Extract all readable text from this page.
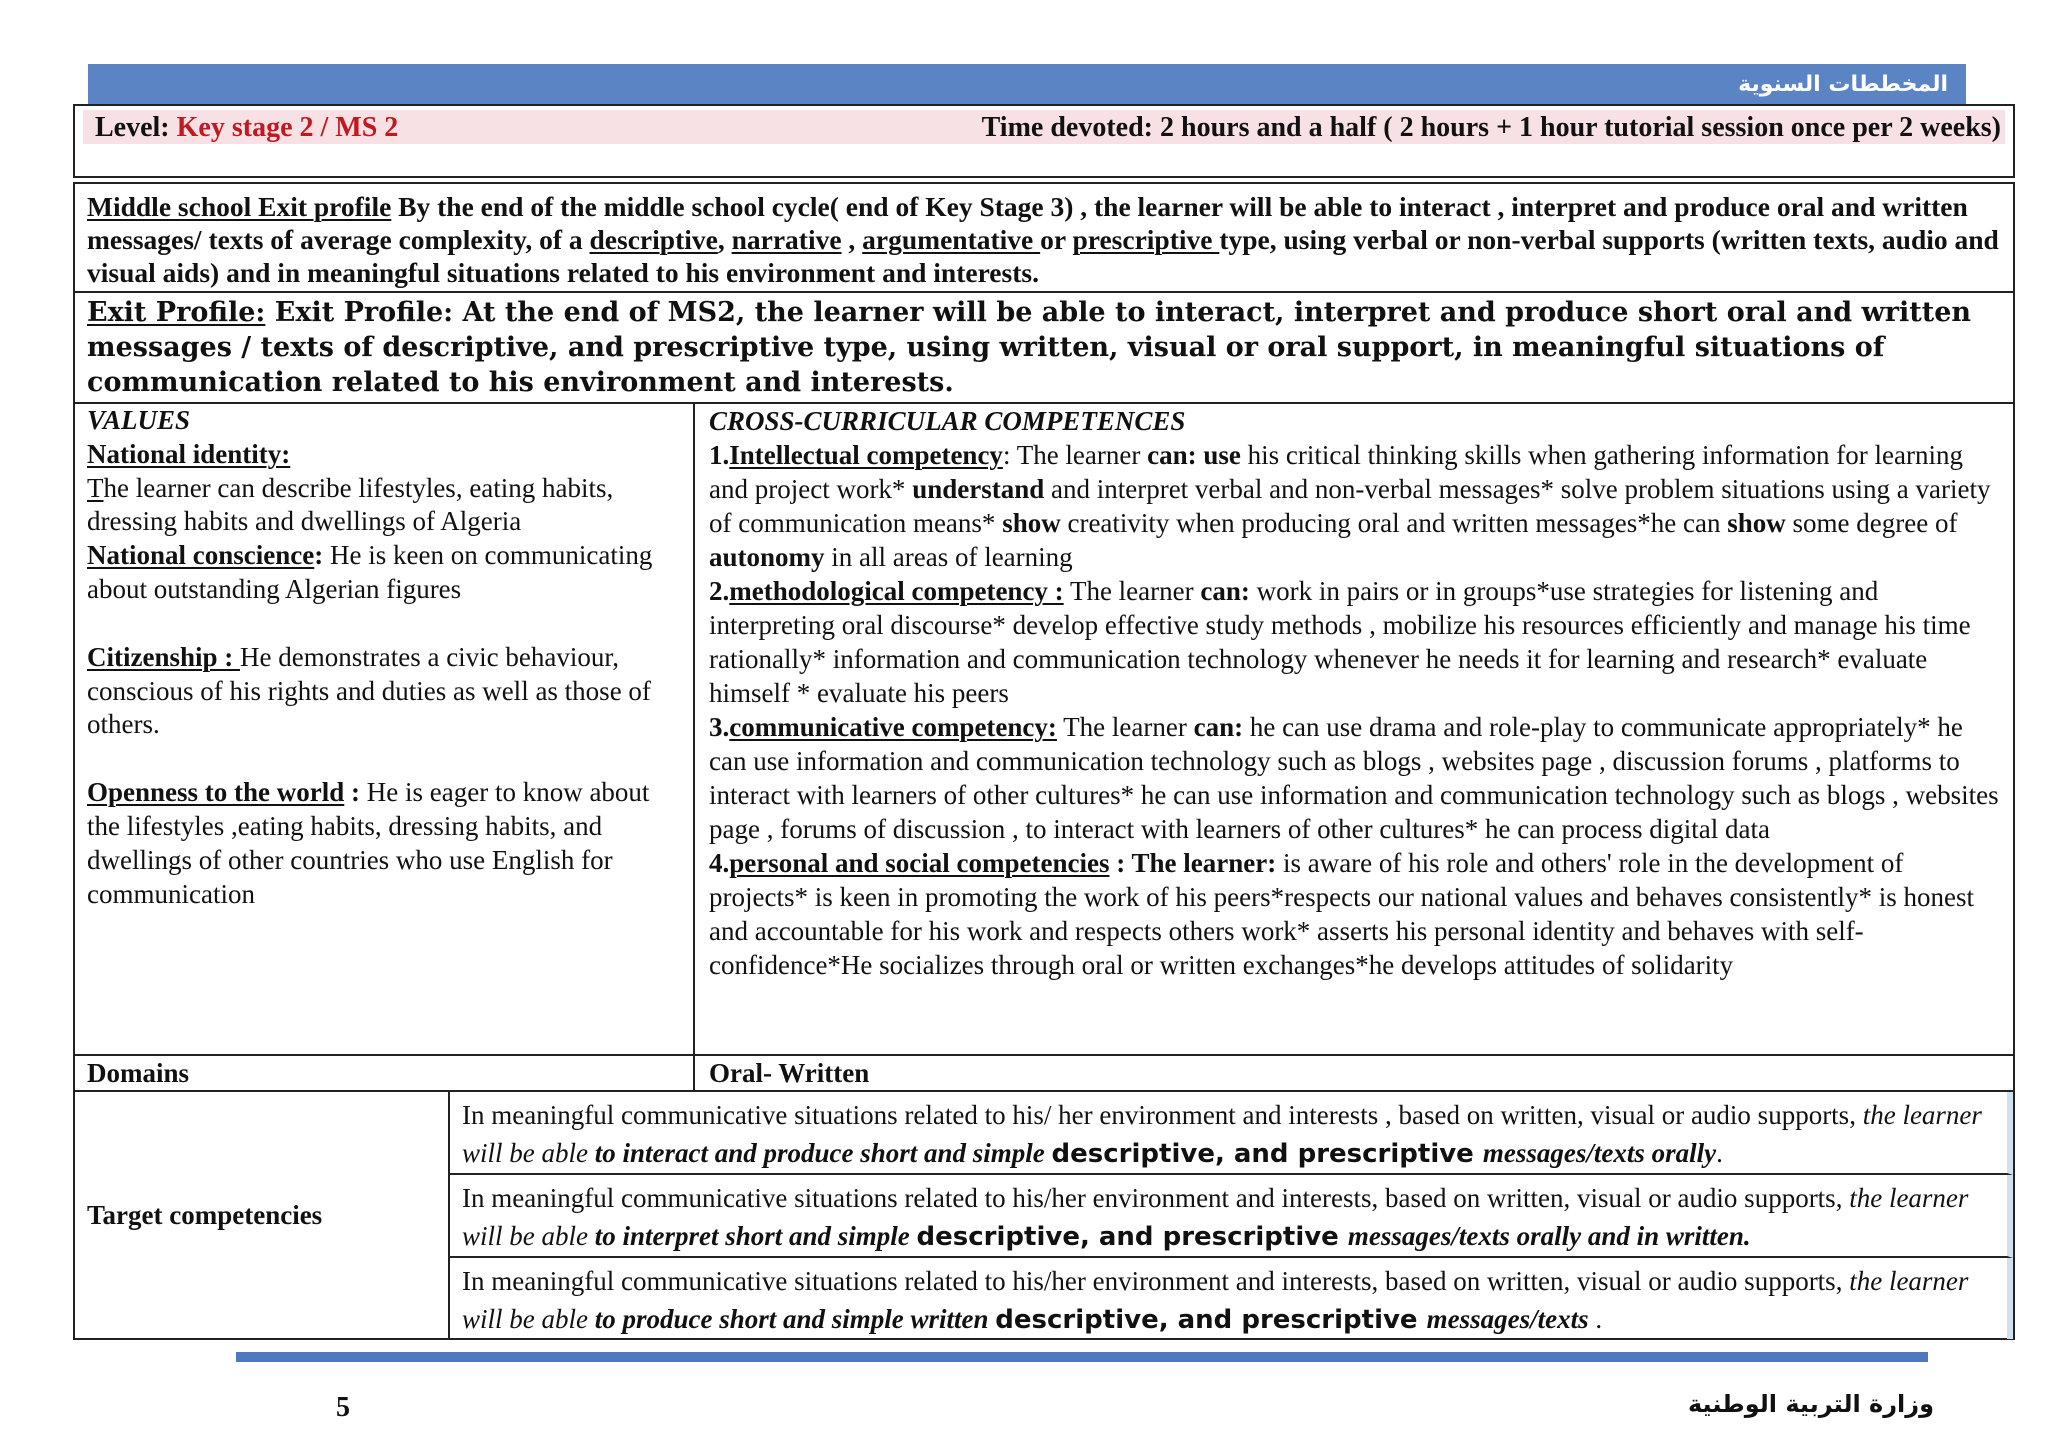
المخططات السنوية
Level: Key stage 2 / MS 2	Time devoted: 2 hours and a half ( 2 hours + 1 hour tutorial session once per 2 weeks)
Middle school Exit profile By the end of the middle school cycle( end of Key Stage 3) , the learner will be able to interact , interpret and produce oral and written messages/ texts of average complexity, of a descriptive, narrative , argumentative or prescriptive type, using verbal or non-verbal supports (written texts, audio and visual aids) and in meaningful situations related to his environment and interests.
Exit Profile: Exit Profile: At the end of MS2, the learner will be able to interact, interpret and produce short oral and written messages / texts of descriptive, and prescriptive type, using written, visual or oral support, in meaningful situations of communication related to his environment and interests.
VALUES
National identity:
The learner can describe lifestyles, eating habits, dressing habits and dwellings of Algeria
National conscience: He is keen on communicating about outstanding Algerian figures
Citizenship : He demonstrates a civic behaviour, conscious of his rights and duties as well as those of others.
Openness to the world : He is eager to know about the lifestyles ,eating habits, dressing habits, and dwellings of other countries who use English for communication
CROSS-CURRICULAR COMPETENCES
1.Intellectual competency: The learner can: use his critical thinking skills when gathering information for learning and project work* understand and interpret verbal and non-verbal messages* solve problem situations using a variety of communication means* show creativity when producing oral and written messages*he can show some degree of autonomy in all areas of learning
2.methodological competency : The learner can: work in pairs or in groups*use strategies for listening and interpreting oral discourse* develop effective study methods , mobilize his resources efficiently and manage his time rationally* information and communication technology whenever he needs it for learning and research* evaluate himself * evaluate his peers
3.communicative competency: The learner can: he can use drama and role-play to communicate appropriately* he can use information and communication technology such as blogs , websites page , discussion forums , platforms to interact with learners of other cultures* he can use information and communication technology such as blogs , websites page , forums of discussion , to interact with learners of other cultures* he can process digital data
4.personal and social competencies : The learner: is aware of his role and others' role in the development of projects* is keen in promoting the work of his peers*respects our national values and behaves consistently* is honest and accountable for his work and respects others work* asserts his personal identity and behaves with self- confidence*He socializes through oral or written exchanges*he develops attitudes of solidarity
Domains	Oral- Written
Target competencies
In meaningful communicative situations related to his/ her environment and interests , based on written, visual or audio supports, the learner will be able to interact and produce short and simple descriptive, and prescriptive messages/texts orally.
In meaningful communicative situations related to his/her environment and interests, based on written, visual or audio supports, the learner will be able to interpret short and simple descriptive, and prescriptive messages/texts orally and in written.
In meaningful communicative situations related to his/her environment and interests, based on written, visual or audio supports, the learner will be able to produce short and simple written descriptive, and prescriptive messages/texts .
5	وزارة التربية الوطنية
